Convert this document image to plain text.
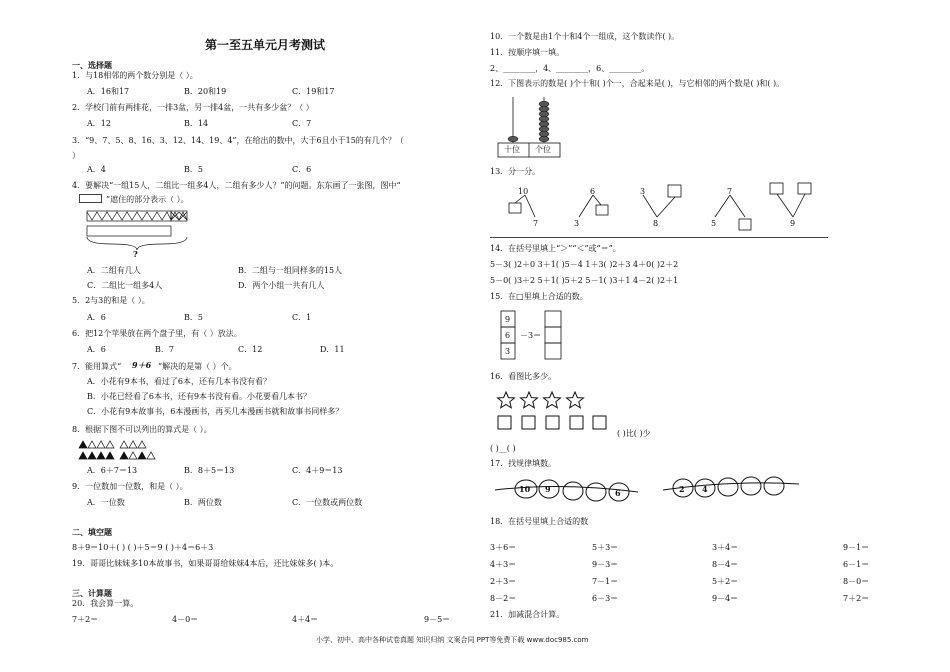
第一至五单元月考测试
一、选择题
1．与18相邻的两个数分别是（ ）。
A．16和17	B．20和19	C．19和17
2．学校门前有两排花，一排3盆，另一排4盆，一共有多少盆？（ ）
A．12	B．14	C．7
3．“9、7、5、8、16、3、12、14、19、4”，在给出的数中，大于6且小于15的有几个？（
）
A．4	B．5	C．6
4．要解决“一组15人，二组比一组多4人，二组有多少人？”的问题。东东画了一张图，图中“
”遮住的部分表示（ ）。
?
A．二组有几人	B．二组与一组同样多的15人
C．二组比一组多4人	D．两个小组一共有几人
5．2与3的和是（ ）。
A．6	B．5	C．1
6．把12个苹果放在两个盘子里，有（ ）放法。
A．6	B．7	C．12	D．11
7．能用算式“ 9＋6 ”解决的是第（ ）个。
A．小花有9本书，看过了6本，还有几本书没有看？
B．小花已经看了6本书，还有9本书没有看。小花要看几本书？
C．小花有9本故事书，6本漫画书，再买几本漫画书就和故事书同样多？
8．根据下图不可以列出的算式是（ ）。
A．6＋7＝13	B．8＋5＝13	C．4＋9＝13
9．一位数加一位数，和是（ ）。
A．一位数	B．两位数	C．一位数或两位数
二、填空题
8＋9＝10＋( ) ( )＋5＝9 ( )＋4＝6＋3
19．哥哥比妹妹多10本故事书，如果哥哥给妹妹4本后，还比妹妹多( )本。
三、计算题
20．我会算一算。
7＋2＝	4－0＝	4＋4＝	9－5＝
10．一个数是由1个十和4个一组成，这个数读作( )。
11．按顺序填一填。
2、________，4、________，6、________。
12．下图表示的数是( )个十和( )个一，合起来是( )，与它相邻的两个数是( )和( )。
十位 个位
13．分一分。
10
7
6
3
3
8
7
5	9
14．在括号里填上“＞”“＜”或“＝”。
5－3( )2＋0 3＋1( )5－4 1＋3( )2＋3 4＋0( )2＋2
5－0( )3＋2 5＋1( )5＋2 5－1( )3＋1 4－2( )2＋1
15．在□里填上合适的数。
9
6
3
－3＝
16．看图比多少。
( )比( )少
( )__( )
17．找规律填数。
10 9	6	2 4
18．在括号里填上合适的数
3＋6＝	5＋3＝	3＋4＝	9－1＝
4＋3＝	9－3＝	8－4＝	6－1＝
2＋3＝	7－1＝	5＋2＝	8－0＝
8－2＝	6－3＝	9－4＝	7＋2＝
21．加减混合计算。
小学、初中、高中各种试卷真题 知识归纳 文案合同 PPT等免费下载 www.doc985.com
